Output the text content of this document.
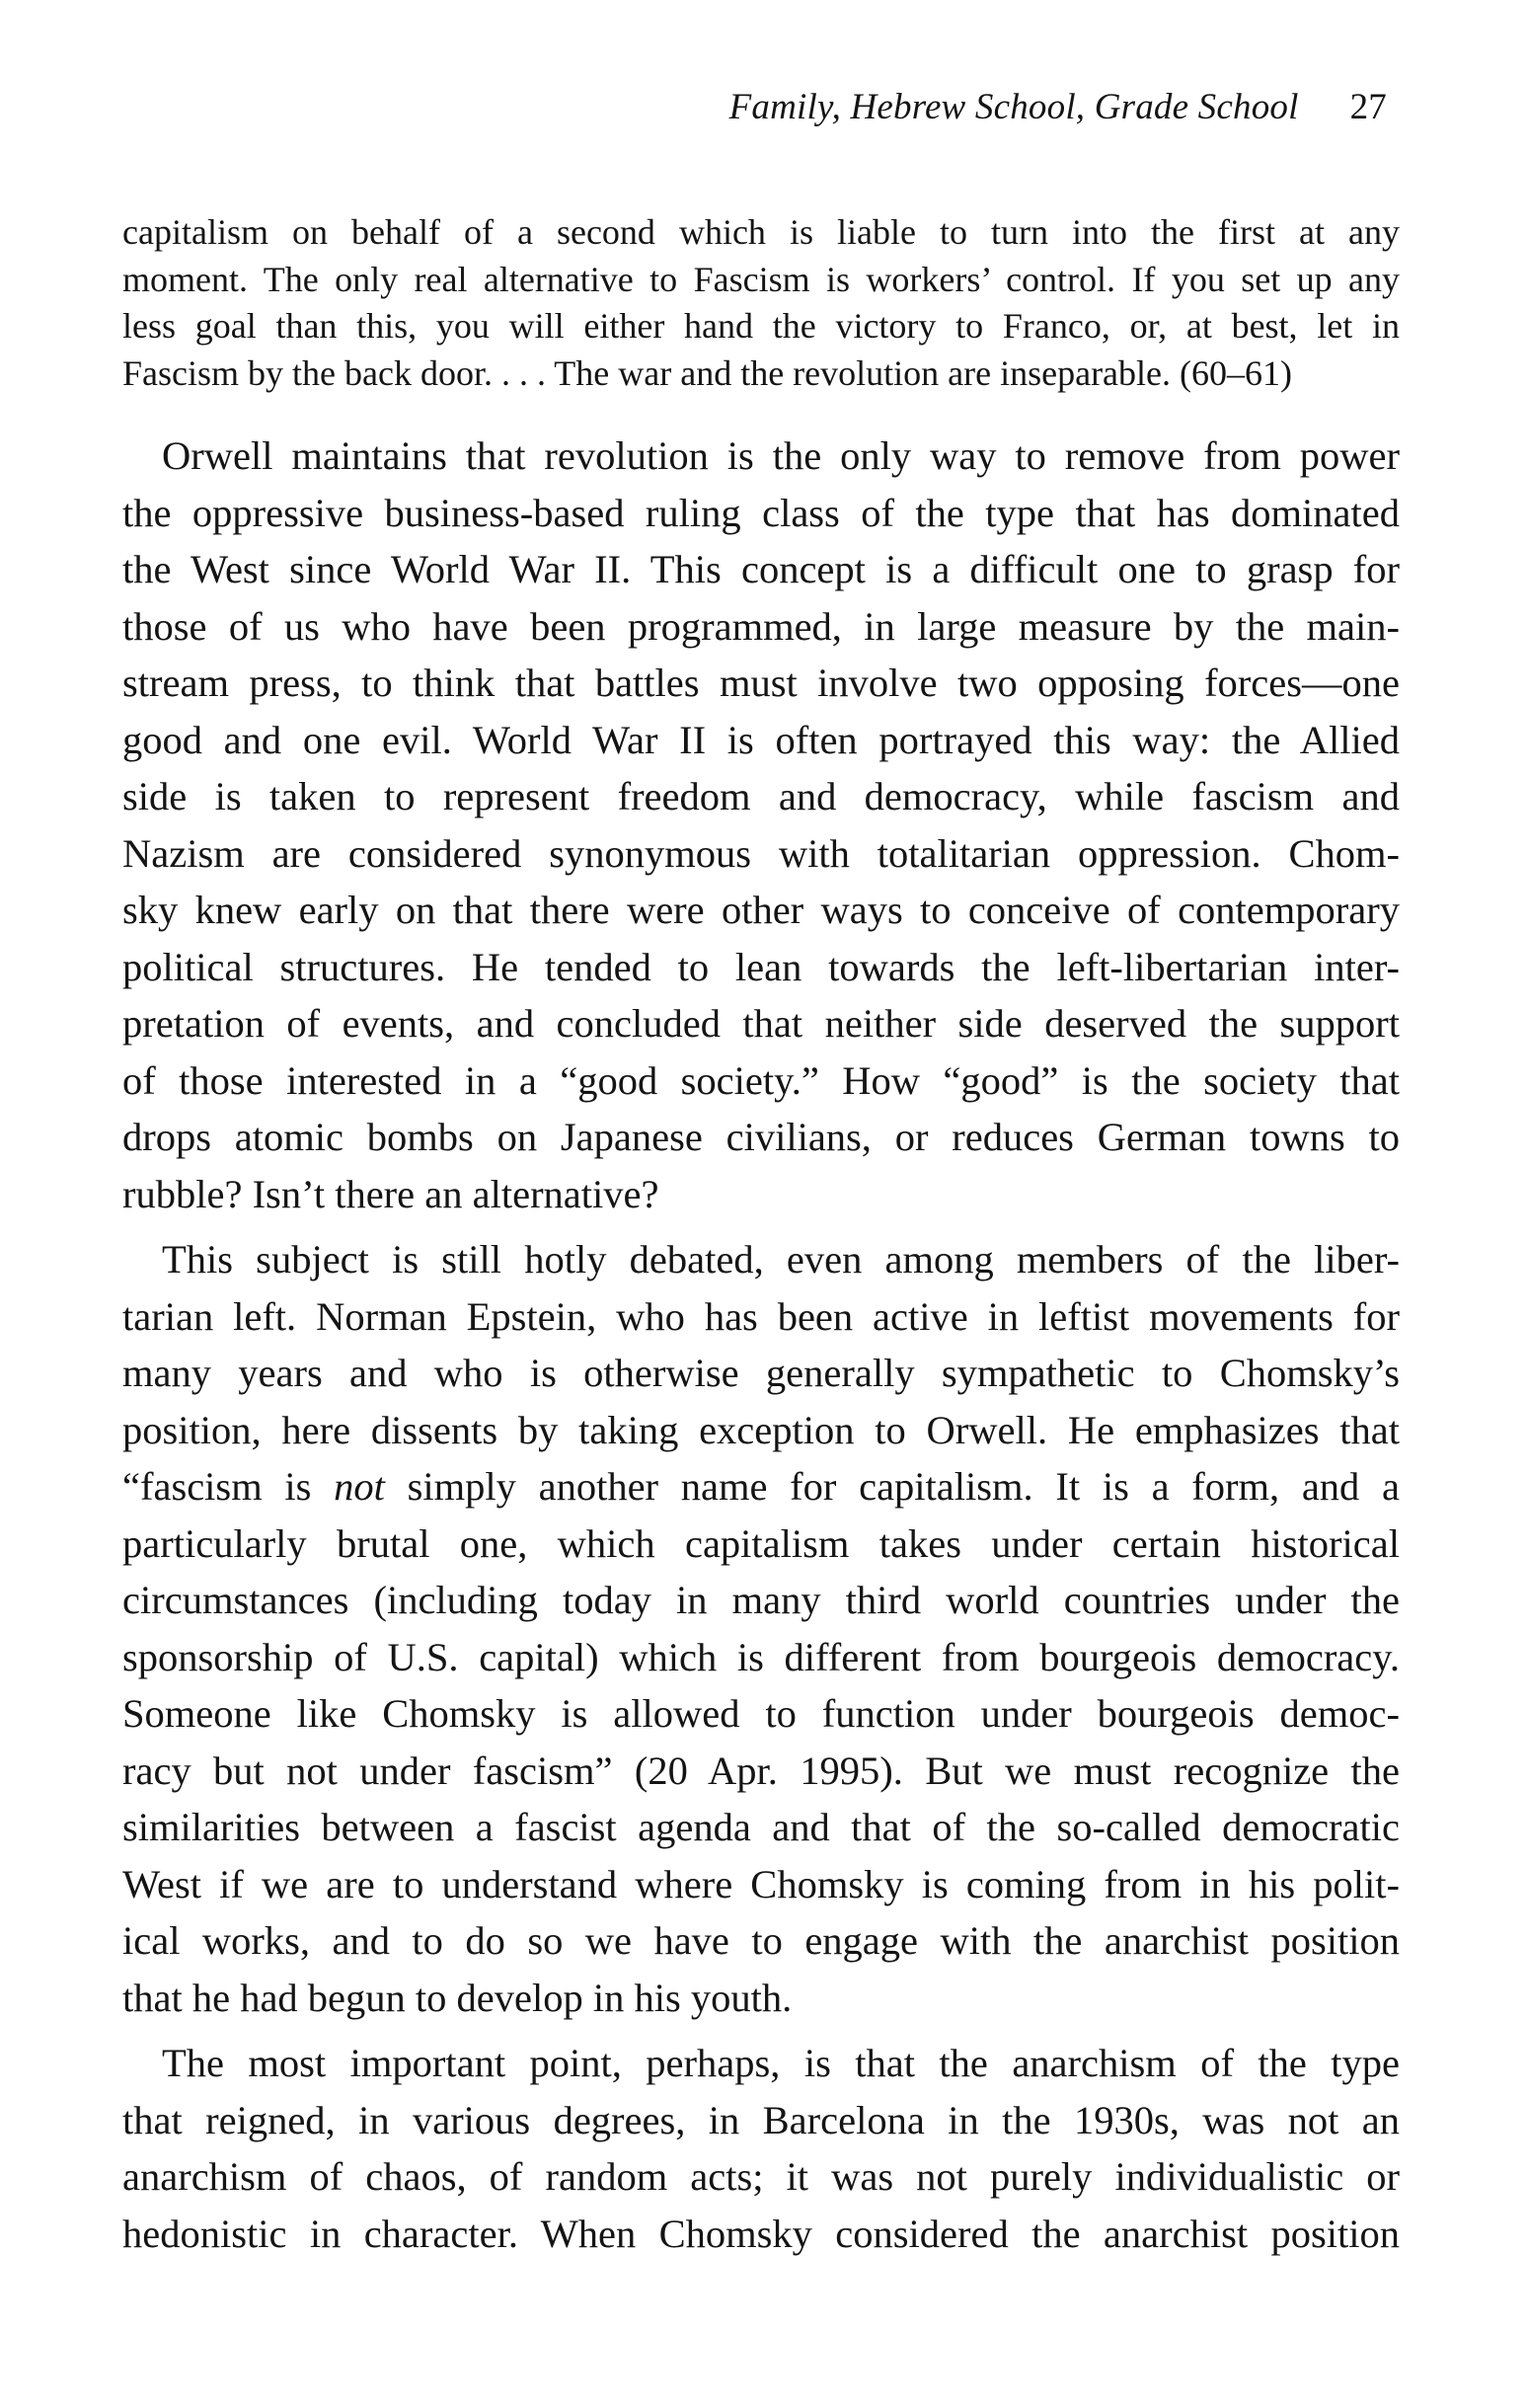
Family, Hebrew School, Grade School 27
capitalism on behalf of a second which is liable to turn into the first at any
moment. The only real alternative to Fascism is workers’ control. If you set up any
less goal than this, you will either hand the victory to Franco, or, at best, let in
Fascism by the back door. . . . The war and the revolution are inseparable. (60–61)
Orwell maintains that revolution is the only way to remove from power
the oppressive business-based ruling class of the type that has dominated
the West since World War II. This concept is a difficult one to grasp for
those of us who have been programmed, in large measure by the main-
stream press, to think that battles must involve two opposing forces—one
good and one evil. World War II is often portrayed this way: the Allied
side is taken to represent freedom and democracy, while fascism and
Nazism are considered synonymous with totalitarian oppression. Chom-
sky knew early on that there were other ways to conceive of contemporary
political structures. He tended to lean towards the left-libertarian inter-
pretation of events, and concluded that neither side deserved the support
of those interested in a “good society.” How “good” is the society that
drops atomic bombs on Japanese civilians, or reduces German towns to
rubble? Isn’t there an alternative?
This subject is still hotly debated, even among members of the liber-
tarian left. Norman Epstein, who has been active in leftist movements for
many years and who is otherwise generally sympathetic to Chomsky’s
position, here dissents by taking exception to Orwell. He emphasizes that
“fascism is not simply another name for capitalism. It is a form, and a
particularly brutal one, which capitalism takes under certain historical
circumstances (including today in many third world countries under the
sponsorship of U.S. capital) which is different from bourgeois democracy.
Someone like Chomsky is allowed to function under bourgeois democ-
racy but not under fascism” (20 Apr. 1995). But we must recognize the
similarities between a fascist agenda and that of the so-called democratic
West if we are to understand where Chomsky is coming from in his polit-
ical works, and to do so we have to engage with the anarchist position
that he had begun to develop in his youth.
The most important point, perhaps, is that the anarchism of the type
that reigned, in various degrees, in Barcelona in the 1930s, was not an
anarchism of chaos, of random acts; it was not purely individualistic or
hedonistic in character. When Chomsky considered the anarchist position
